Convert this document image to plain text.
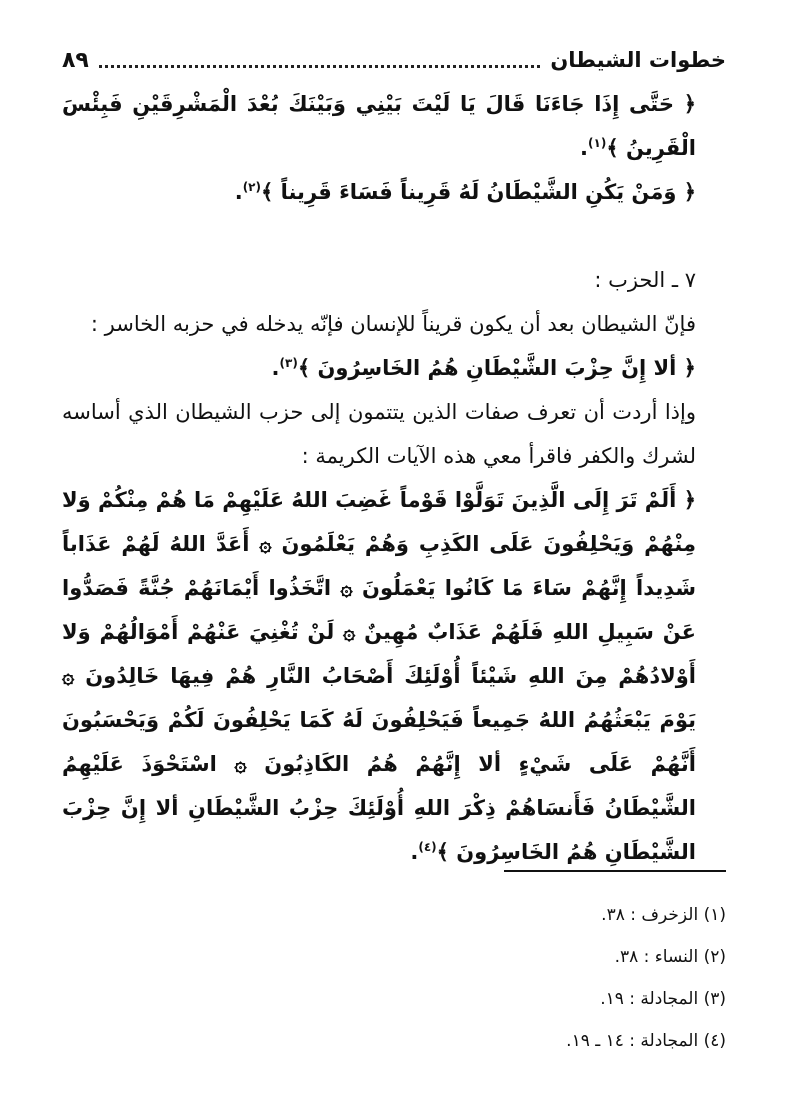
خطوات الشيطان
٨٩

﴿ حَتَّى إِذَا جَاءَنَا قَالَ يَا لَيْتَ بَيْنِي وَبَيْنَكَ بُعْدَ الْمَشْرِقَيْنِ فَبِئْسَ الْقَرِينُ ﴾$^{(١)}$.

﴿ وَمَنْ يَكُنِ الشَّيْطَانُ لَهُ قَرِيناً فَسَاءَ قَرِيناً ﴾$^{(٢)}$.

٧ ـ الحزب :

فإنّ الشيطان بعد أن يكون قريناً للإنسان فإنّه يدخله في حزبه الخاسر :

﴿ ألا إِنَّ حِزْبَ الشَّيْطَانِ هُمُ الخَاسِرُونَ ﴾$^{(٣)}$.

وإذا أردت أن تعرف صفات الذين يتتمون إلى حزب الشيطان الذي أساسه لشرك والكفر فاقرأ معي هذه الآيات الكريمة :

﴿ أَلَمْ تَرَ إِلَى الَّذِينَ تَوَلَّوْا قَوْماً غَضِبَ اللهُ عَلَيْهِمْ مَا هُمْ مِنْكُمْ وَلا مِنْهُمْ وَيَحْلِفُونَ عَلَى الكَذِبِ وَهُمْ يَعْلَمُونَ ۞ أَعَدَّ اللهُ لَهُمْ عَذَاباً شَدِيداً إِنَّهُمْ سَاءَ مَا كَانُوا يَعْمَلُونَ ۞ اتَّخَذُوا أَيْمَانَهُمْ جُنَّةً فَصَدُّوا عَنْ سَبِيلِ اللهِ فَلَهُمْ عَذَابٌ مُهِينٌ ۞ لَنْ تُغْنِيَ عَنْهُمْ أَمْوَالُهُمْ وَلا أَوْلادُهُمْ مِنَ اللهِ شَيْئاً أُوْلَئِكَ أَصْحَابُ النَّارِ هُمْ فِيهَا خَالِدُونَ ۞ يَوْمَ يَبْعَثُهُمُ اللهُ جَمِيعاً فَيَحْلِفُونَ لَهُ كَمَا يَحْلِفُونَ لَكُمْ وَيَحْسَبُونَ أَنَّهُمْ عَلَى شَيْءٍ ألا إِنَّهُمْ هُمُ الكَاذِبُونَ ۞ اسْتَحْوَذَ عَلَيْهِمُ الشَّيْطَانُ فَأَنسَاهُمْ ذِكْرَ اللهِ أُوْلَئِكَ حِزْبُ الشَّيْطَانِ ألا إِنَّ حِزْبَ الشَّيْطَانِ هُمُ الخَاسِرُونَ ﴾$^{(٤)}$.

(١) الزخرف : ٣٨.

(٢) النساء : ٣٨.

(٣) المجادلة : ١٩.

(٤) المجادلة : ١٤ ـ ١٩.
